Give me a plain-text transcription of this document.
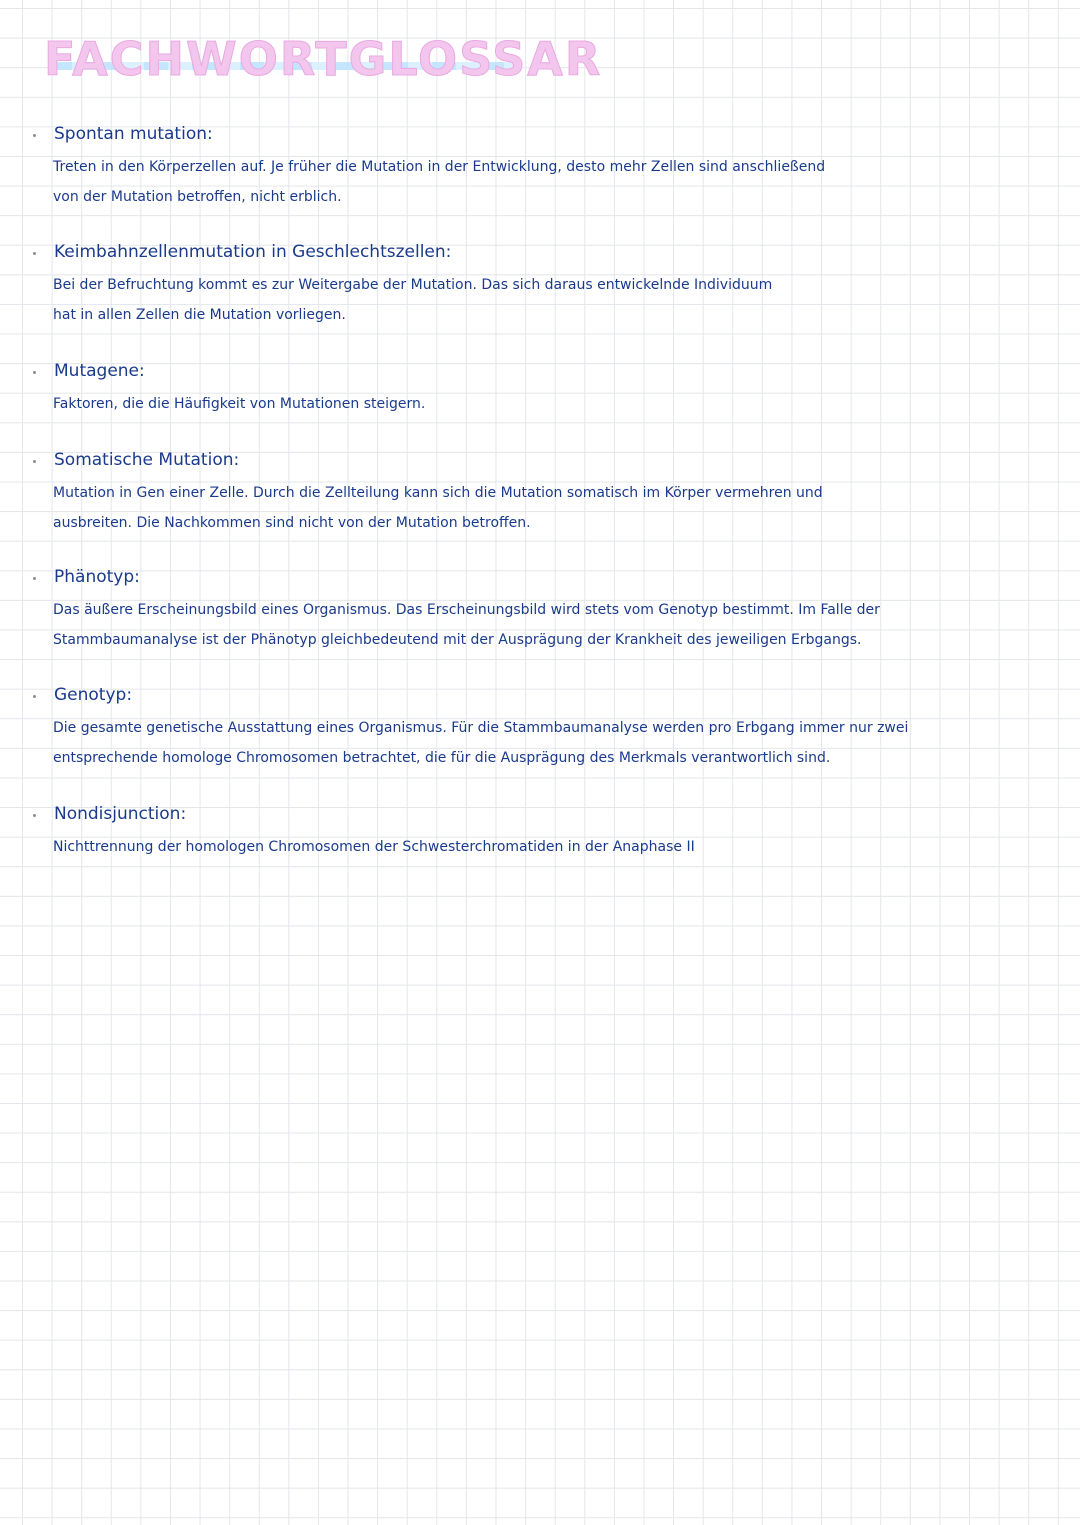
FACHWORTGLOSSAR
Spontan mutation:
Treten in den Körperzellen auf. Je früher die Mutation in der Entwicklung, desto mehr Zellen sind anschließend
von der Mutation betroffen, nicht erblich.
Keimbahnzellenmutation in Geschlechtszellen:
Bei der Befruchtung kommt es zur Weitergabe der Mutation. Das sich daraus entwickelnde Individuum
hat in allen Zellen die Mutation vorliegen.
Mutagene:
Faktoren, die die Häufigkeit von Mutationen steigern.
Somatische Mutation:
Mutation in Gen einer Zelle. Durch die Zellteilung kann sich die Mutation somatisch im Körper vermehren und
ausbreiten. Die Nachkommen sind nicht von der Mutation betroffen.
Phänotyp:
Das äußere Erscheinungsbild eines Organismus. Das Erscheinungsbild wird stets vom Genotyp bestimmt. Im Falle der
Stammbaumanalyse ist der Phänotyp gleichbedeutend mit der Ausprägung der Krankheit des jeweiligen Erbgangs.
Genotyp:
Die gesamte genetische Ausstattung eines Organismus. Für die Stammbaumanalyse werden pro Erbgang immer nur zwei
entsprechende homologe Chromosomen betrachtet, die für die Ausprägung des Merkmals verantwortlich sind.
Nondisjunction:
Nichttrennung der homologen Chromosomen der Schwesterchromatiden in der Anaphase II
